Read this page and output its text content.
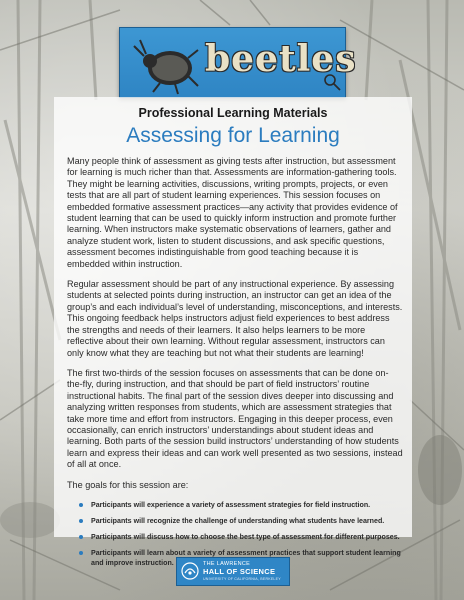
beetles
Professional Learning Materials
Assessing for Learning

Many people think of assessment as giving tests after instruction, but assessment for learning is much richer than that. Assessments are information-gathering tools. They might be learning activities, discussions, writing prompts, projects, or even tests that are all part of student learning experiences. This session focuses on embedded formative assessment practices—any activity that provides evidence of student learning that can be used to quickly inform instruction and promote further learning. When instructors make systematic observations of learners, gather and analyze student work, listen to student discussions, and ask specific questions, assessment becomes indistinguishable from good teaching because it is embedded within instruction.

Regular assessment should be part of any instructional experience. By assessing students at selected points during instruction, an instructor can get an idea of the group’s and each individual’s level of understanding, misconceptions, and interests. This ongoing feedback helps instructors adjust field experiences to best address the strengths and needs of their learners. It also helps learners to be more reflective about their own learning. Without regular assessment, instructors can only know what they are teaching but not what their students are learning!

The first two-thirds of the session focuses on assessments that can be done on-the-fly, during instruction, and that should be part of field instructors’ routine instructional habits. The final part of the session dives deeper into discussing and analyzing written responses from students, which are assessment strategies that take more time and effort from instructors. Engaging in this deeper process, even occasionally, can enrich instructors’ understandings about student ideas and learning. Both parts of the session build instructors’ understanding of how students learn and express their ideas and can work well presented as two sessions, instead of all at once.

The goals for this session are:

Participants will experience a variety of assessment strategies for field instruction.
Participants will recognize the challenge of understanding what students have learned.
Participants will discuss how to choose the best type of assessment for different purposes.
Participants will learn about a variety of assessment practices that support student learning and improve instruction.	THE LAWRENCE
HALL OF SCIENCE
UNIVERSITY OF CALIFORNIA, BERKELEY
